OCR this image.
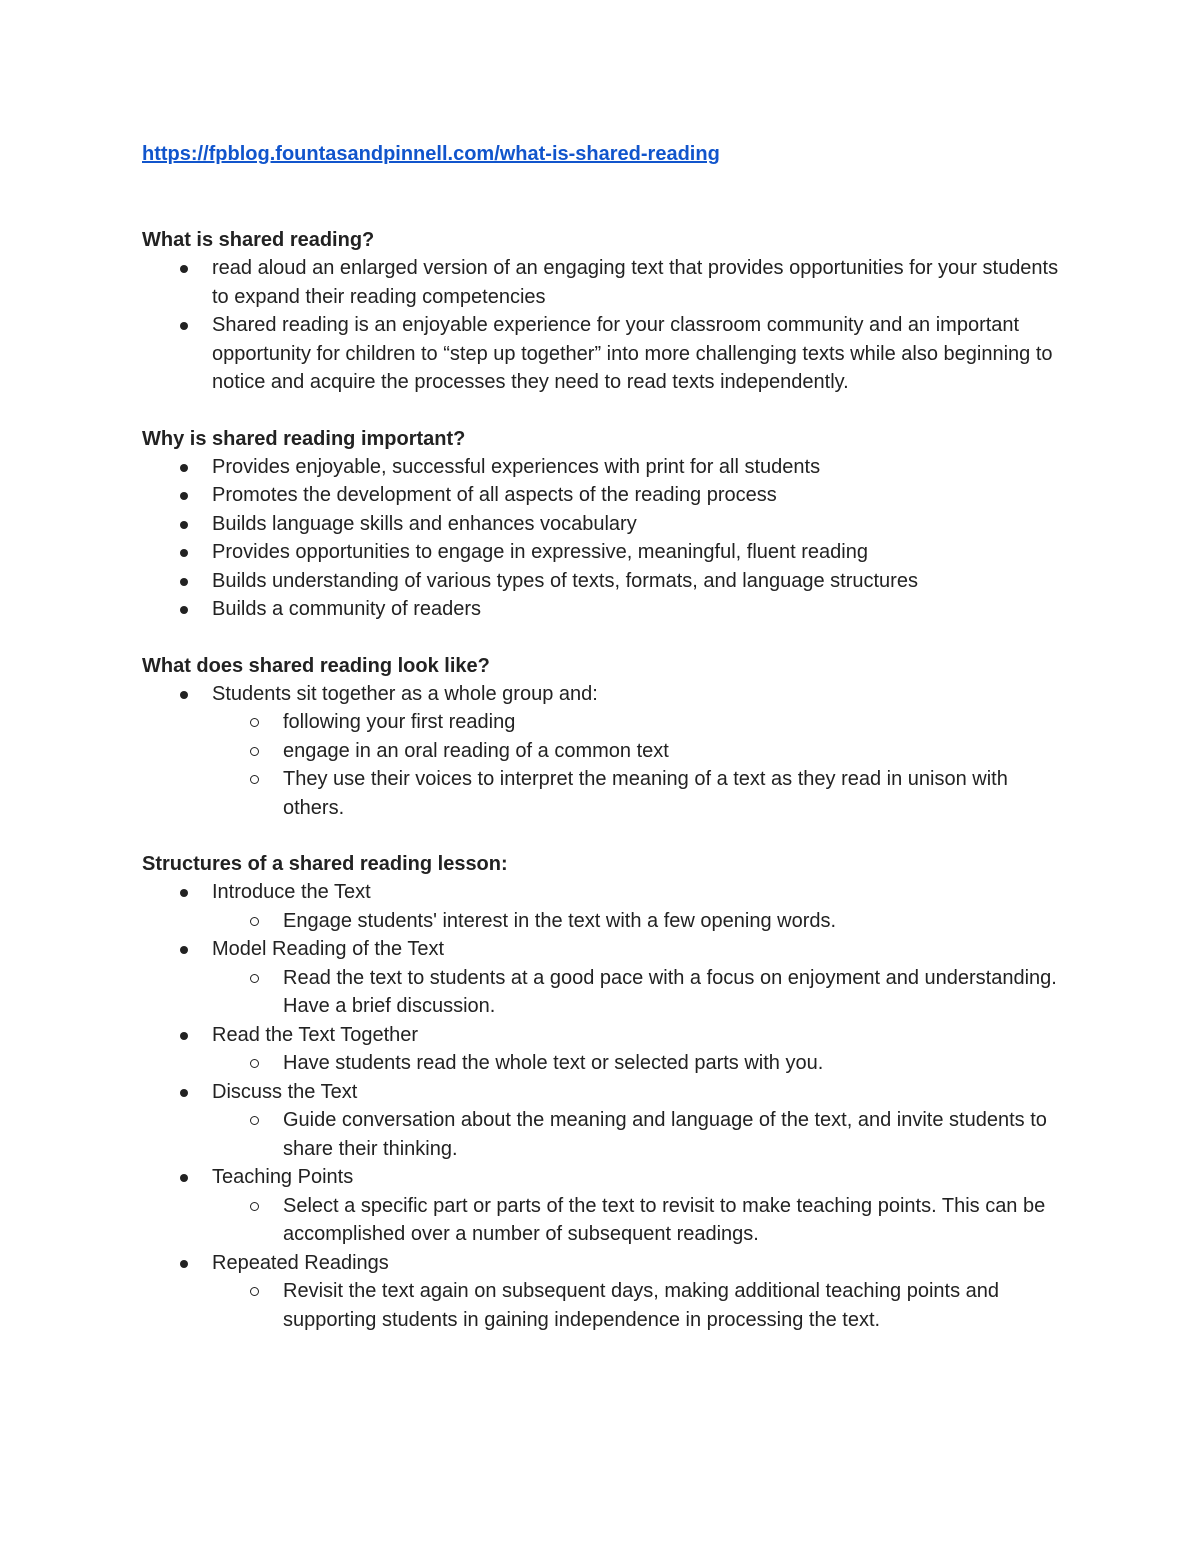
https://fpblog.fountasandpinnell.com/what-is-shared-reading

What is shared reading?

read aloud an enlarged version of an engaging text that provides opportunities for your students to expand their reading competencies
Shared reading is an enjoyable experience for your classroom community and an important opportunity for children to “step up together” into more challenging texts while also beginning to notice and acquire the processes they need to read texts independently.

Why is shared reading important?

Provides enjoyable, successful experiences with print for all students
Promotes the development of all aspects of the reading process
Builds language skills and enhances vocabulary
Provides opportunities to engage in expressive, meaningful, fluent reading
Builds understanding of various types of texts, formats, and language structures
Builds a community of readers

What does shared reading look like?

Students sit together as a whole group and:
following your first reading
engage in an oral reading of a common text
They use their voices to interpret the meaning of a text as they read in unison with others.

Structures of a shared reading lesson:

Introduce the Text
Engage students' interest in the text with a few opening words.
Model Reading of the Text
Read the text to students at a good pace with a focus on enjoyment and understanding. Have a brief discussion.
Read the Text Together
Have students read the whole text or selected parts with you.
Discuss the Text
Guide conversation about the meaning and language of the text, and invite students to share their thinking.
Teaching Points
Select a specific part or parts of the text to revisit to make teaching points. This can be accomplished over a number of subsequent readings.
Repeated Readings
Revisit the text again on subsequent days, making additional teaching points and supporting students in gaining independence in processing the text.
